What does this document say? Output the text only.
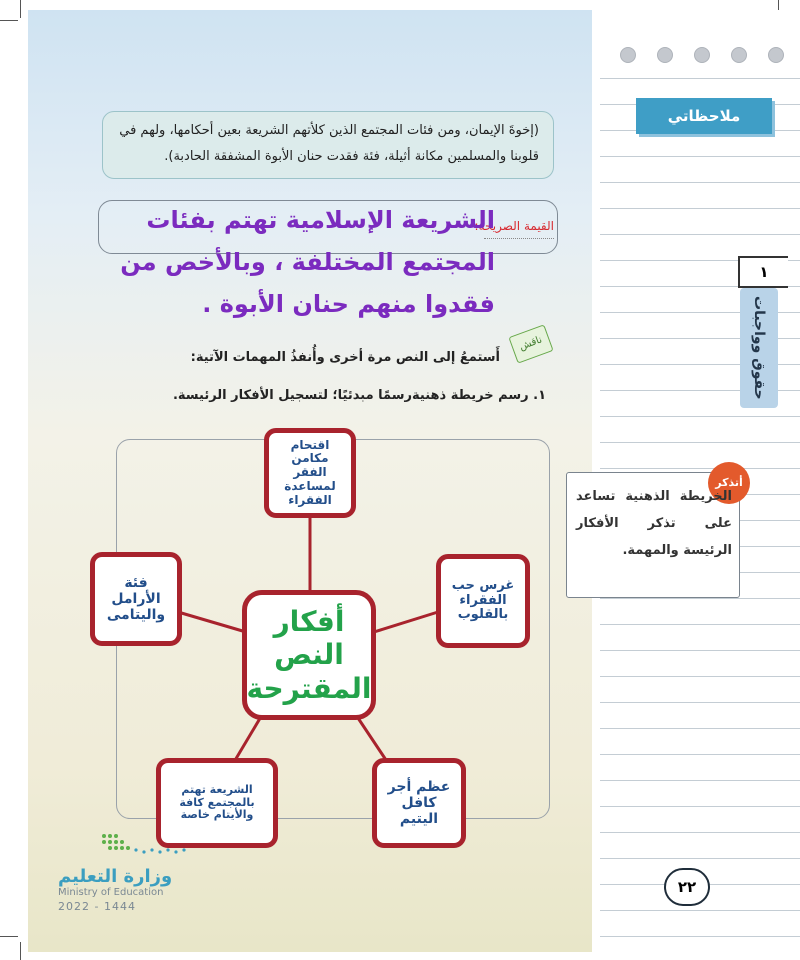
ملاحظاتي
١
حقوق وواجبات
(إخوةَ الإيمان، ومن فئات المجتمع الذين كلأتهم الشريعة بعين أحكامها، ولهم في قلوبنا والمسلمين مكانة أثيلة، فئة فقدت حنان الأبوة المشفقة الحادبة).
القيمة الصريحة:
الشريعة الإسلامية تهتم بفئات المجتمع المختلفة ، وبالأخص من فقدوا منهم حنان الأبوة .
ناقش
أَستمعُ إلى النص مرة أخرى وأُنفذُ المهمات الآتية:
١. رسم خريطة ذهنيةرسمًا مبدئيًا؛ لتسجيل الأفكار الرئيسة.
اقتحام مكامن الفقر لمساعدة الفقراء
غرس حب الفقراء بالقلوب
عظم أجر كافل اليتيم
الشريعة تهتم بالمجتمع كافة والأيتام خاصة
فئة الأرامل واليتامى	أفكار النص المقترحة
أتذكر
الخريطة الذهنية تساعد على تذكر الأفكار الرئيسة والمهمة.
٢٢
وزارة التعليم
Ministry of Education
2022 - 1444
